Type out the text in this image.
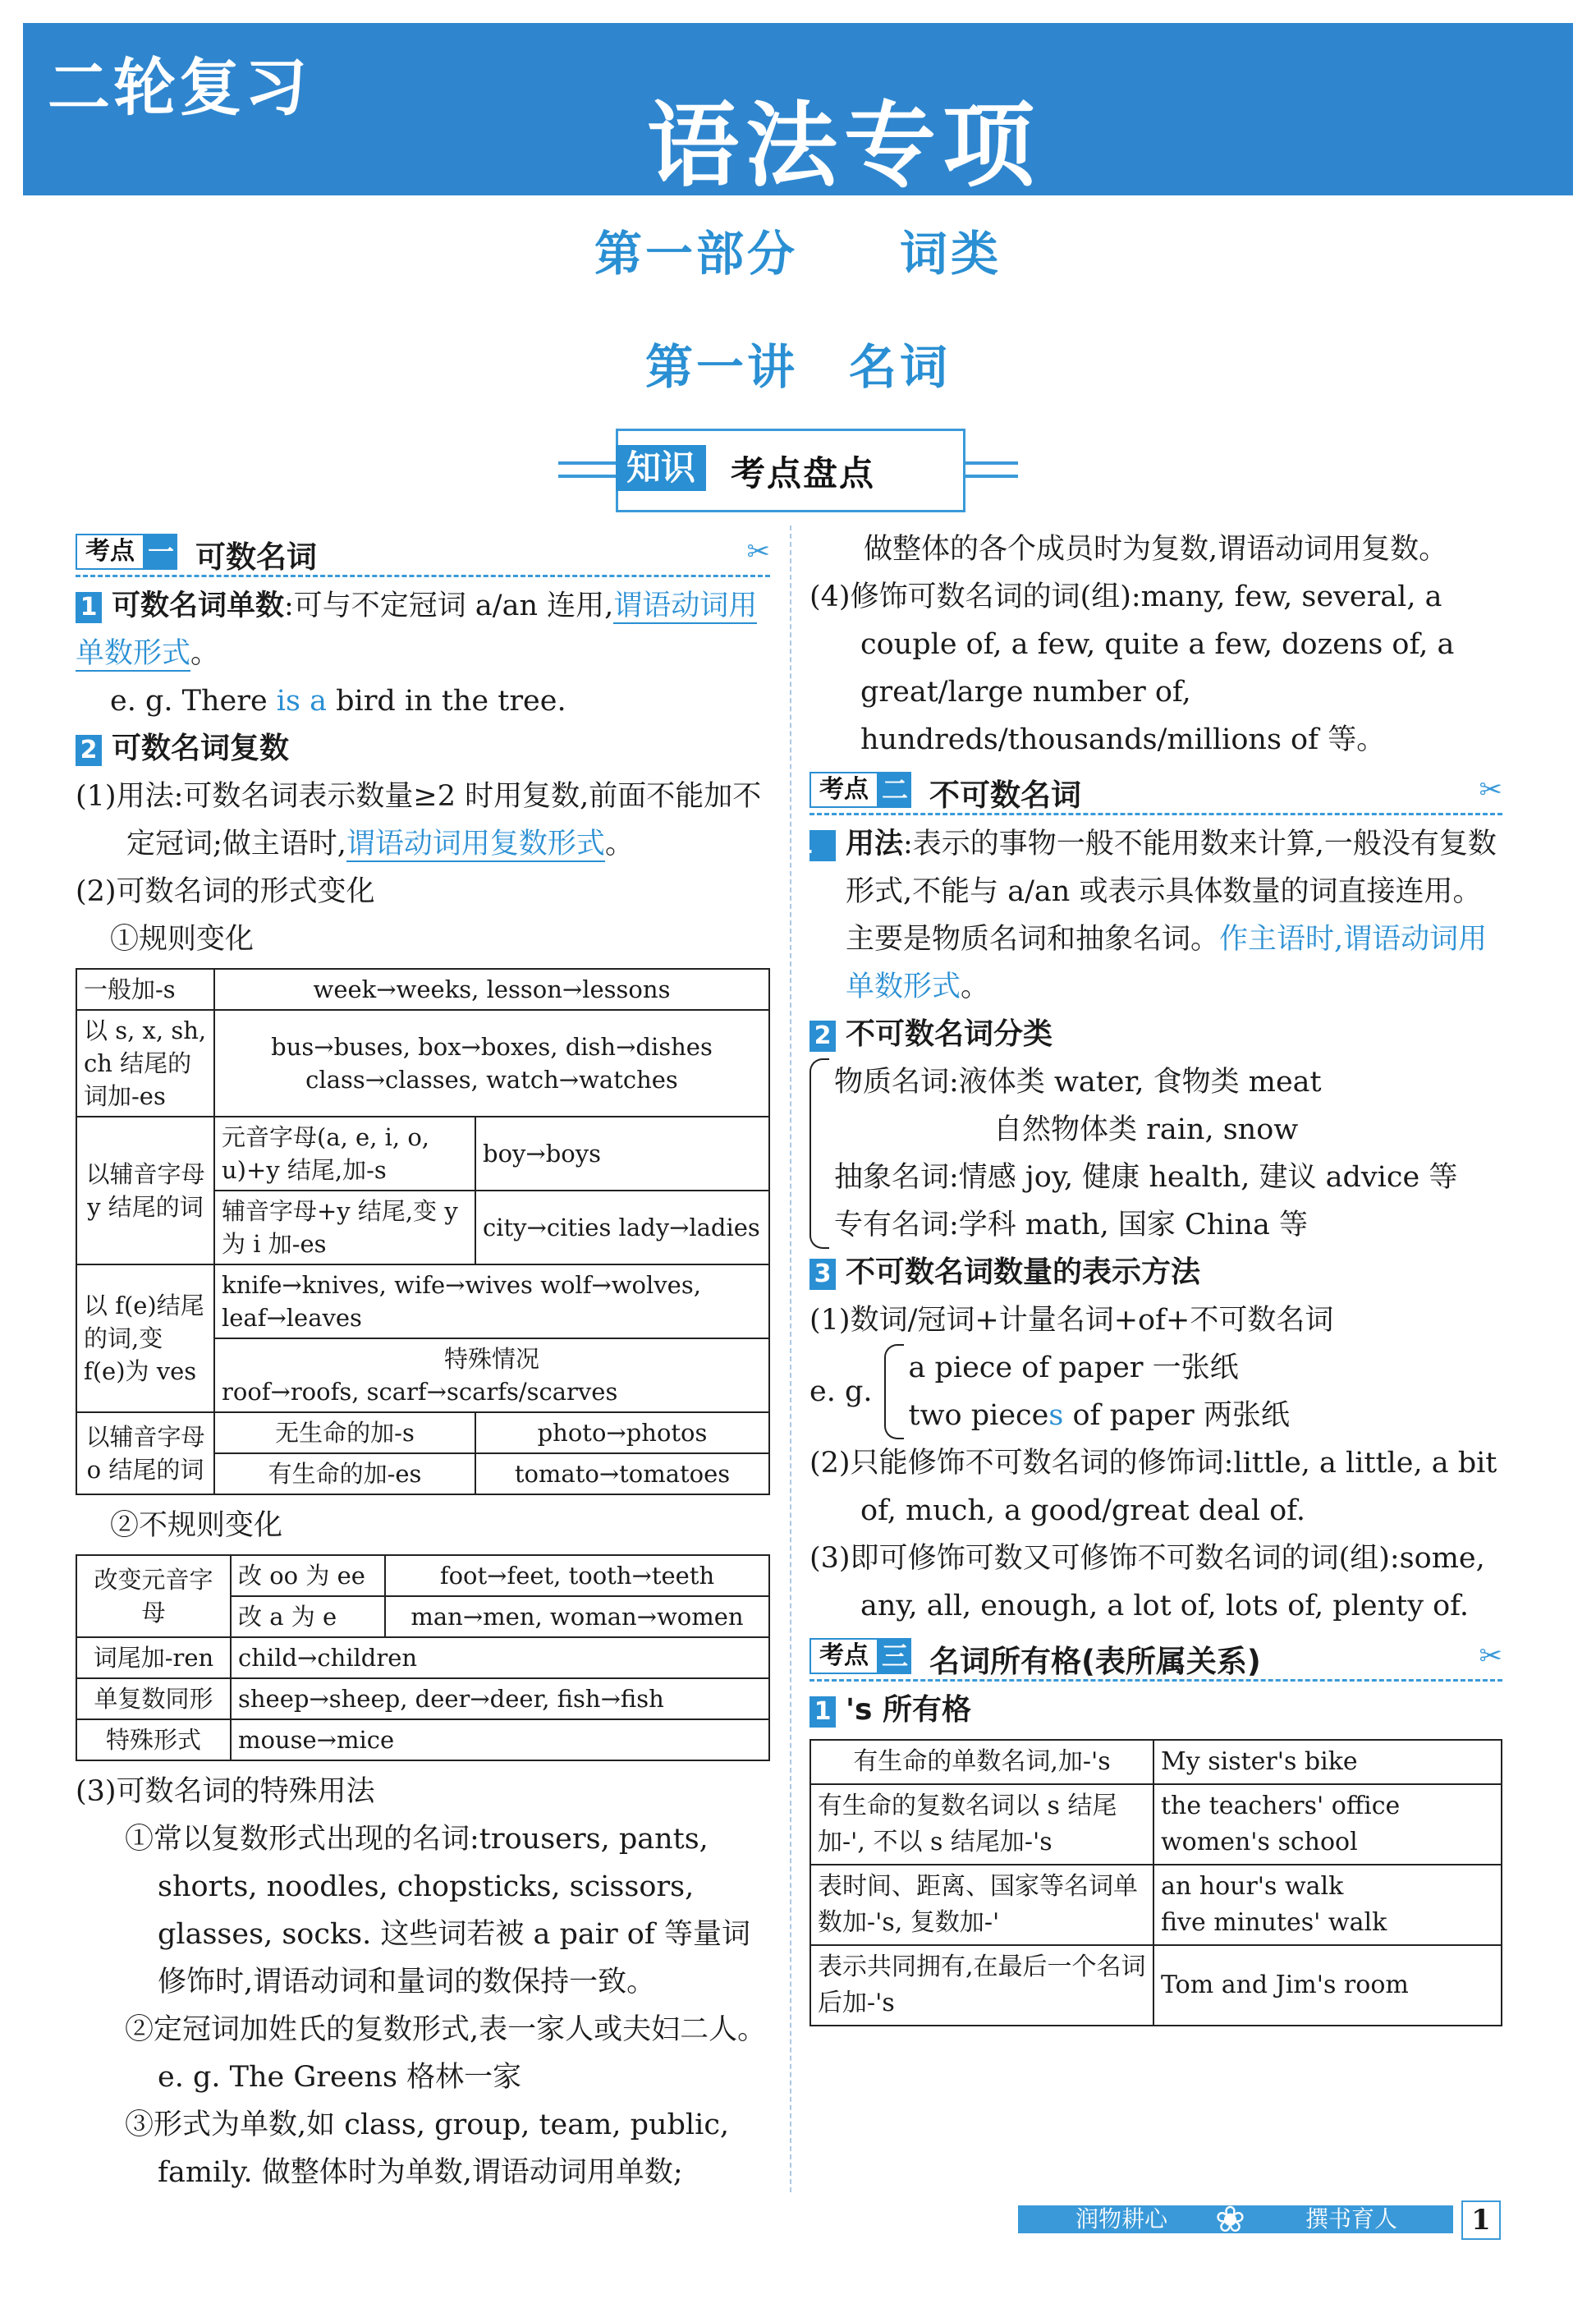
二轮复习
语法专项
第一部分　　词类
第一讲　名词
知识	考点盘点
考点 一 可数名词	✂

1 可数名词单数:可与不定冠词 a/an 连用,谓语动词用单数形式。

e. g. There is a bird in the tree.

2 可数名词复数

(1)用法:可数名词表示数量≥2 时用复数,前面不能加不定冠词;做主语时,谓语动词用复数形式。

(2)可数名词的形式变化

①规则变化

一般加-s	week→weeks, lesson→lessons	
以 s, x, sh, ch 结尾的词加-es	bus→buses, box→boxes, dish→dishes class→classes, watch→watches	
以辅音字母 y 结尾的词	元音字母(a, e, i, o, u)+y 结尾,加-s	boy→boys
	辅音字母+y 结尾,变 y 为 i 加-es	city→cities lady→ladies
以 f(e)结尾的词,变 f(e)为 ves	knife→knives, wife→wives wolf→wolves, leaf→leaves	

	特殊情况
roof→roofs, scarf→scarfs/scarves	

以辅音字母 o 结尾的词	无生命的加-s	photo→photos
	有生命的加-es	tomato→tomatoes

②不规则变化

改变元音字母	改 oo 为 ee	foot→feet, tooth→teeth
	改 a 为 e	man→men, woman→women
词尾加-ren	child→children	
单复数同形	sheep→sheep, deer→deer, fish→fish	
特殊形式	mouse→mice	

(3)可数名词的特殊用法

①常以复数形式出现的名词:trousers, pants, shorts, noodles, chopsticks, scissors, glasses, socks. 这些词若被 a pair of 等量词修饰时,谓语动词和量词的数保持一致。

②定冠词加姓氏的复数形式,表一家人或夫妇二人。e. g. The Greens 格林一家

③形式为单数,如 class, group, team, public, family. 做整体时为单数,谓语动词用单数;

做整体的各个成员时为复数,谓语动词用复数。

(4)修饰可数名词的词(组):many, few, several, a couple of, a few, quite a few, dozens of, a great/large number of, hundreds/thousands/millions of 等。

考点 二 不可数名词	✂

1 用法:表示的事物一般不能用数来计算,一般没有复数形式,不能与 a/an 或表示具体数量的词直接连用。主要是物质名词和抽象名词。作主语时,谓语动词用单数形式。

2 不可数名词分类

物质名词:液体类 water, 食物类 meat

自然物体类 rain, snow

抽象名词:情感 joy, 健康 health, 建议 advice 等

专有名词:学科 math, 国家 China 等

3 不可数名词数量的表示方法

(1)数词/冠词+计量名词+of+不可数名词

e. g.

a piece of paper 一张纸

two pieces of paper 两张纸

(2)只能修饰不可数名词的修饰词:little, a little, a bit of, much, a good/great deal of.

(3)即可修饰可数又可修饰不可数名词的词(组):some, any, all, enough, a lot of, lots of, plenty of.

考点 三 名词所有格(表所属关系)	✂

1 's 所有格

有生命的单数名词,加-'s	My sister's bike
有生命的复数名词以 s 结尾加-', 不以 s 结尾加-'s	the teachers' office
women's school

表时间、距离、国家等名词单数加-'s, 复数加-'	an hour's walk
five minutes' walk

表示共同拥有,在最后一个名词后加-'s	Tom and Jim's room
润物耕心 ❀	撰书育人	1
